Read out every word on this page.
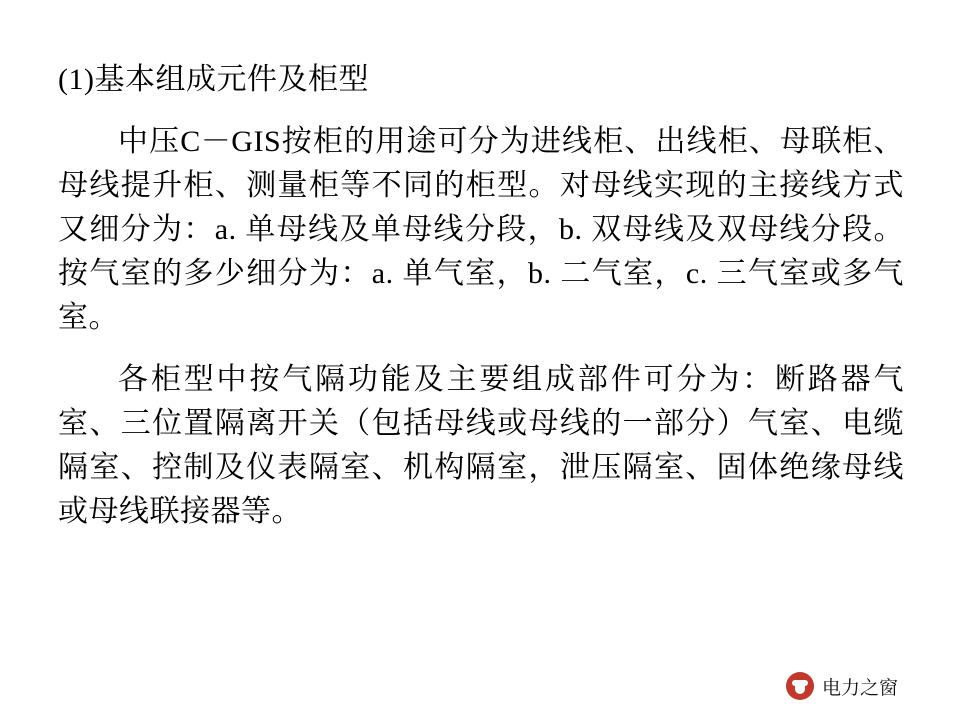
(1)基本组成元件及柜型

中压C－GIS按柜的用途可分为进线柜、出线柜、母联柜、母线提升柜、测量柜等不同的柜型。对母线实现的主接线方式又细分为：a. 单母线及单母线分段，b. 双母线及双母线分段。按气室的多少细分为：a. 单气室，b. 二气室，c. 三气室或多气室。

各柜型中按气隔功能及主要组成部件可分为：断路器气室、三位置隔离开关（包括母线或母线的一部分）气室、电缆隔室、控制及仪表隔室、机构隔室，泄压隔室、固体绝缘母线或母线联接器等。

电力之窗
